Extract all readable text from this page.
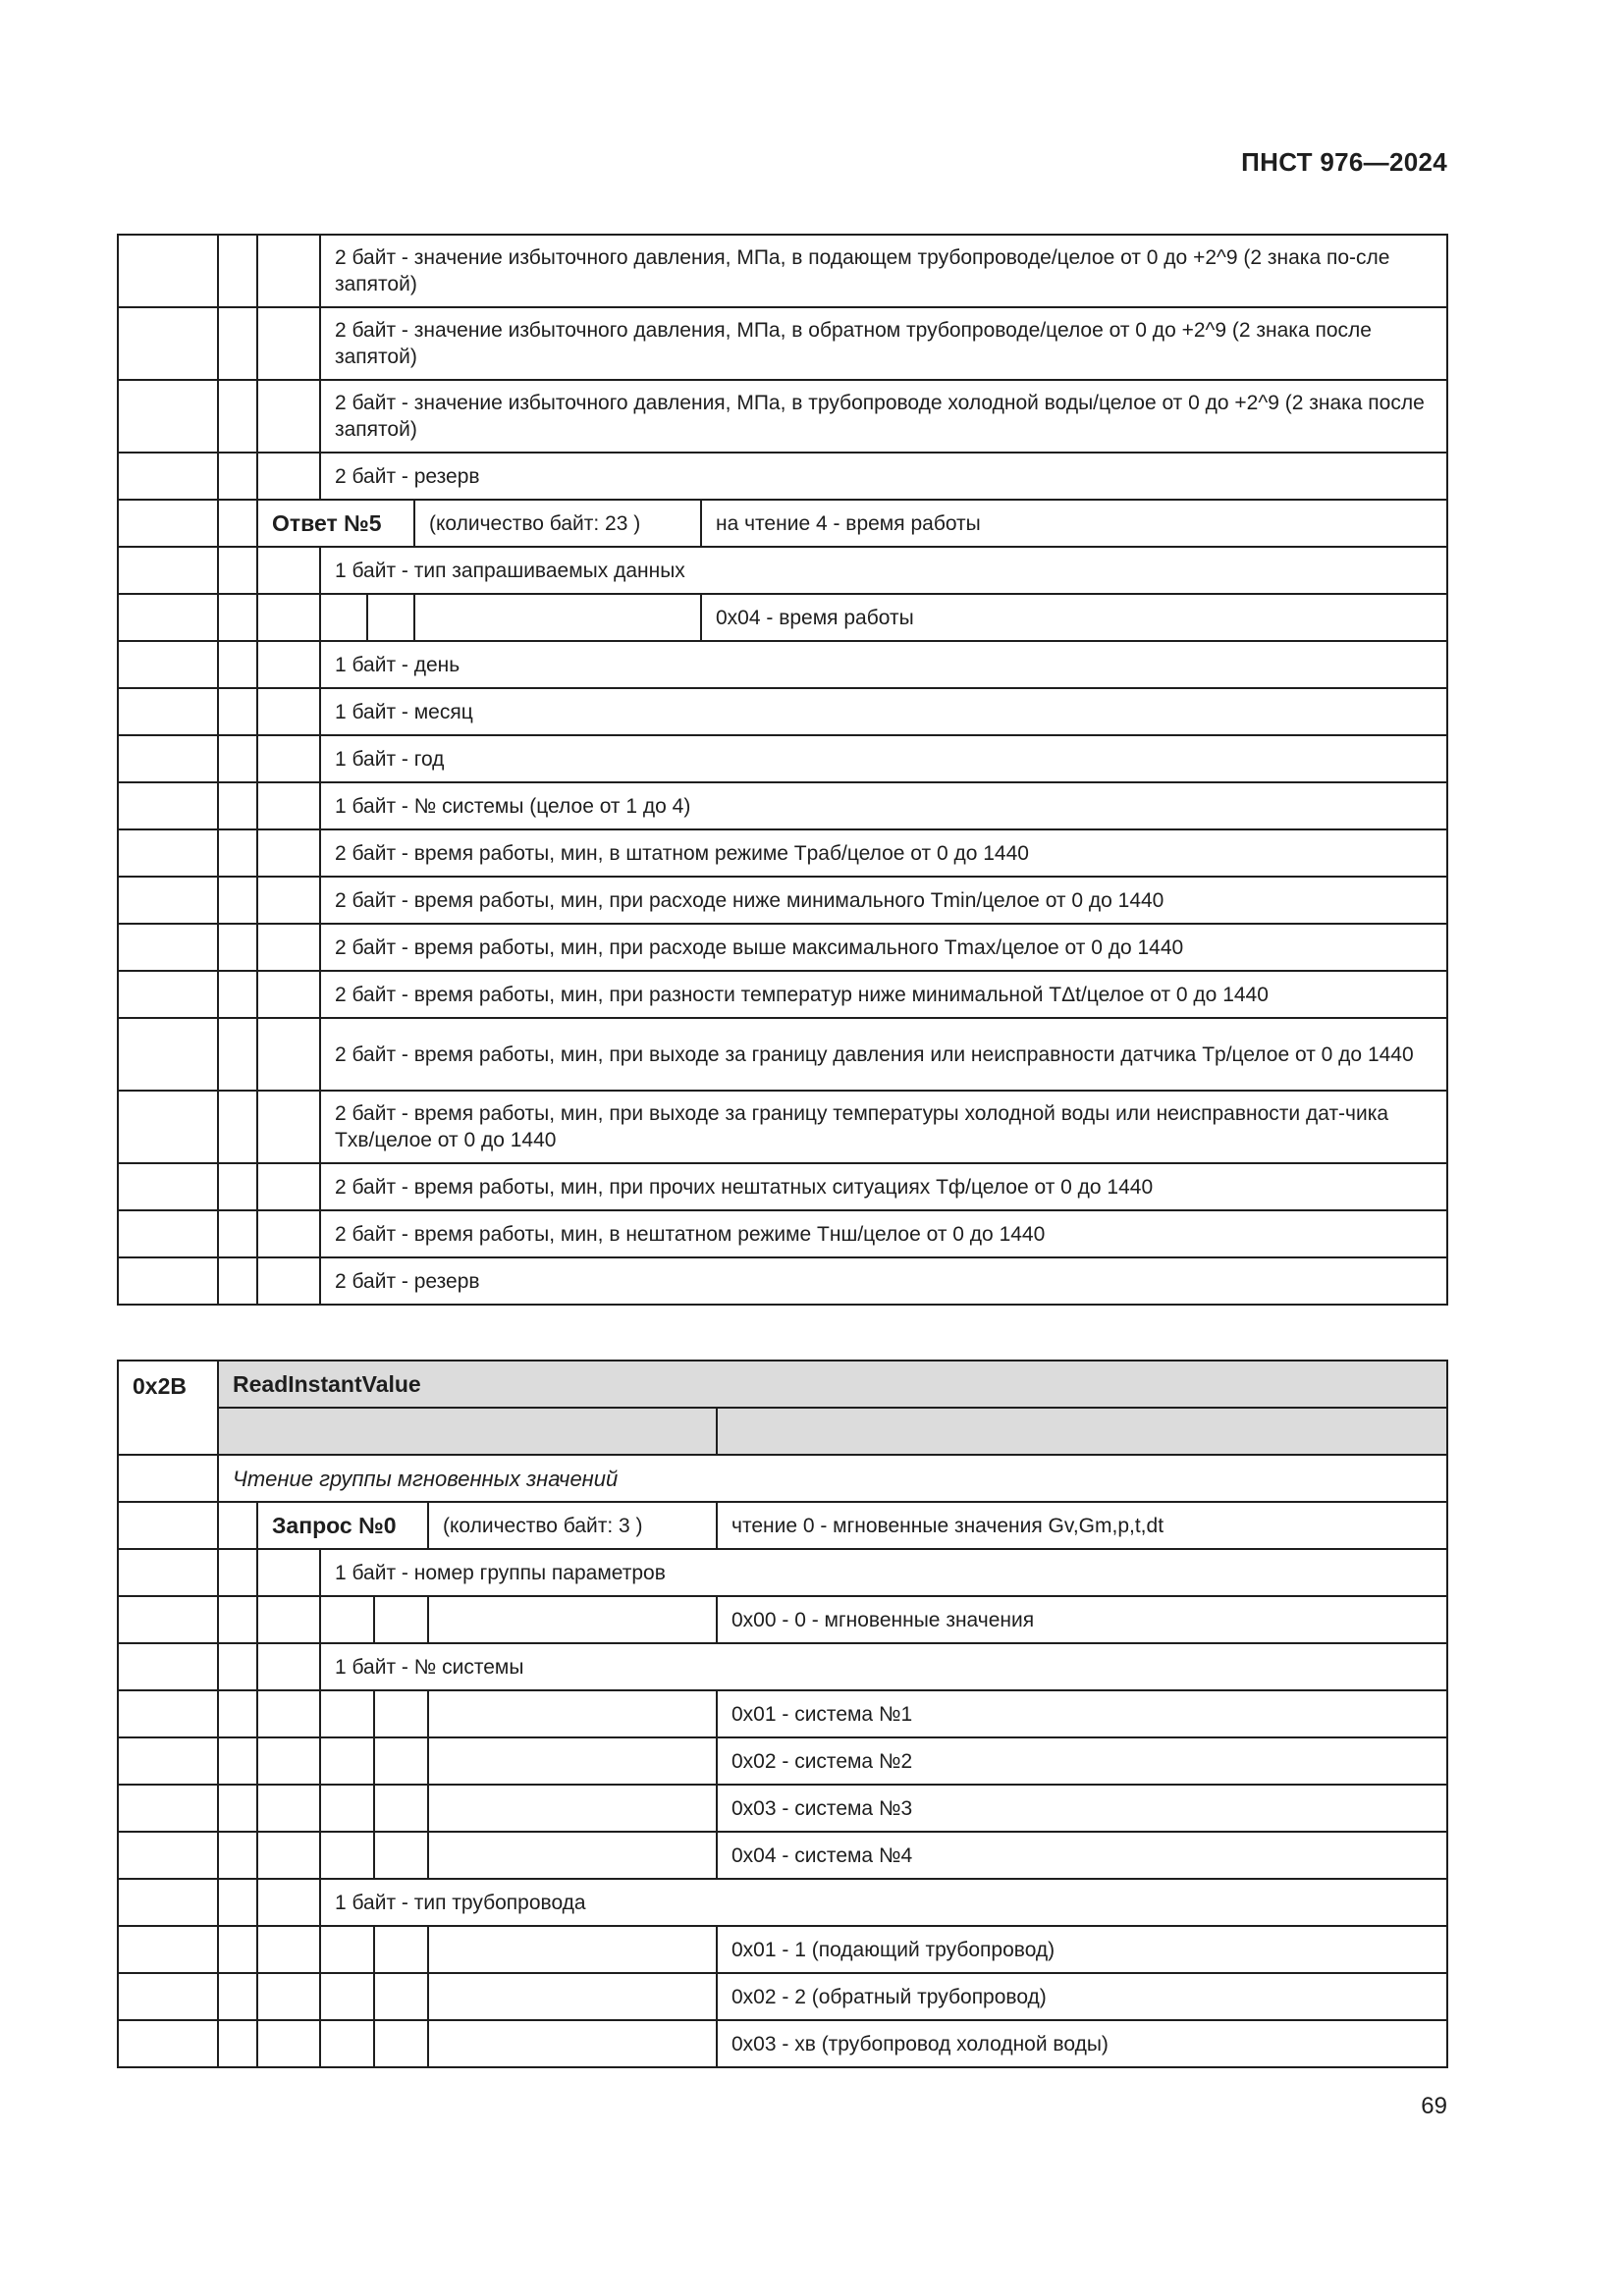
ПНСТ 976—2024
			2 байт - значение избыточного давления, МПа, в подающем трубопроводе/целое от 0 до +2^9 (2 знака по-сле запятой)			
			2 байт - значение избыточного давления, МПа, в обратном трубопроводе/целое от 0 до +2^9 (2 знака после запятой)			
			2 байт - значение избыточного давления, МПа, в трубопроводе холодной воды/целое от 0 до +2^9 (2 знака после запятой)			
			2 байт - резерв			
		Ответ №5			(количество байт: 23 )	на чтение 4 - время работы
			1 байт - тип запрашиваемых данных			
						0x04 - время работы
			1 байт - день			
			1 байт - месяц			
			1 байт - год			
			1 байт - № системы (целое от 1 до 4)			
			2 байт - время работы, мин, в штатном режиме Tраб/целое от 0 до 1440			
			2 байт - время работы, мин, при расходе ниже минимального Tmin/целое от 0 до 1440			
			2 байт - время работы, мин, при расходе выше максимального Tmax/целое от 0 до 1440			
			2 байт - время работы, мин, при разности температур ниже минимальной TΔt/целое от 0 до 1440			
			2 байт - время работы, мин, при выходе за границу давления или неисправности датчика Tp/целое от 0 до 1440			
			2 байт - время работы, мин, при выходе за границу температуры холодной воды или неисправности дат-чика Tхв/целое от 0 до 1440			
			2 байт - время работы, мин, при прочих нештатных ситуациях Tф/целое от 0 до 1440			
			2 байт - время работы, мин, в нештатном режиме Tнш/целое от 0 до 1440			
			2 байт - резерв			
0x2B	ReadInstantValue					

	Чтение группы мгновенных значений					
		Запрос №0			(количество байт: 3 )	чтение 0 - мгновенные значения Gv,Gm,p,t,dt
			1 байт - номер группы параметров			
						0x00 - 0 - мгновенные значения
			1 байт - № системы			
						0x01 - система №1
						0x02 - система №2
						0x03 - система №3
						0x04 - система №4
			1 байт - тип трубопровода			
						0x01 - 1 (подающий трубопровод)
						0x02 - 2 (обратный трубопровод)
						0x03 - хв (трубопровод холодной воды)
69
